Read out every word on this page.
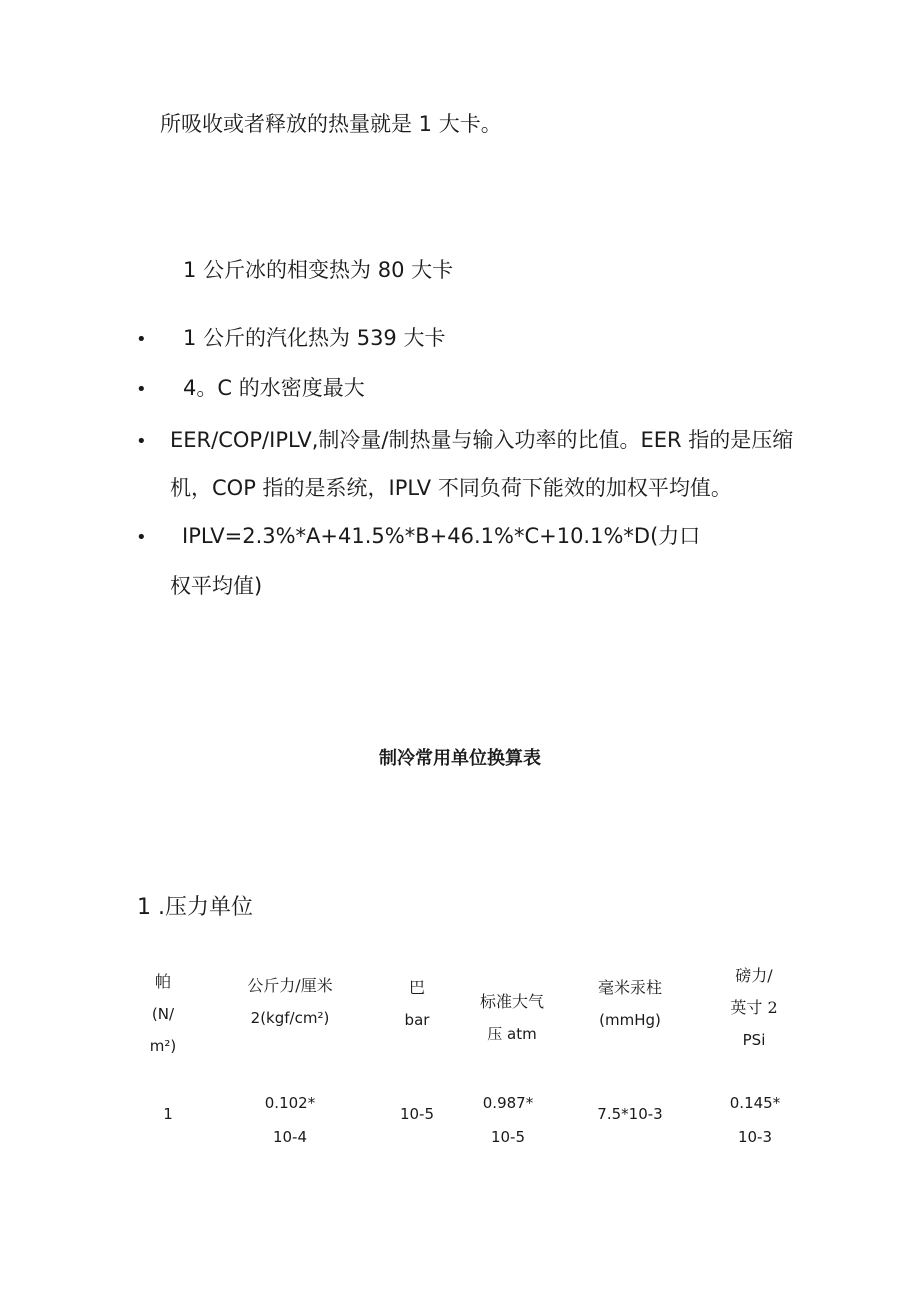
所吸收或者释放的热量就是 1 大卡。
1 公斤冰的相变热为 80 大卡
• 1 公斤的汽化热为 539 大卡
• 4。C 的水密度最大
• EER/COP/IPLV,制冷量/制热量与输入功率的比值。EER 指的是压缩
机，COP 指的是系统，IPLV 不同负荷下能效的加权平均值。
• IPLV=2.3%*A+41.5%*B+46.1%*C+10.1%*D(力口
权平均值)
制冷常用单位换算表
1 .压力单位
帕
(N/
m²)
公斤力/厘米
2(kgf/cm²)
巴
bar
标准大气
压 atm
毫米汞柱
(mmHg)
磅力/
英寸 2
PSi
1
0.102*
10-4
10-5
0.987*
10-5
7.5*10-3
0.145*
10-3
